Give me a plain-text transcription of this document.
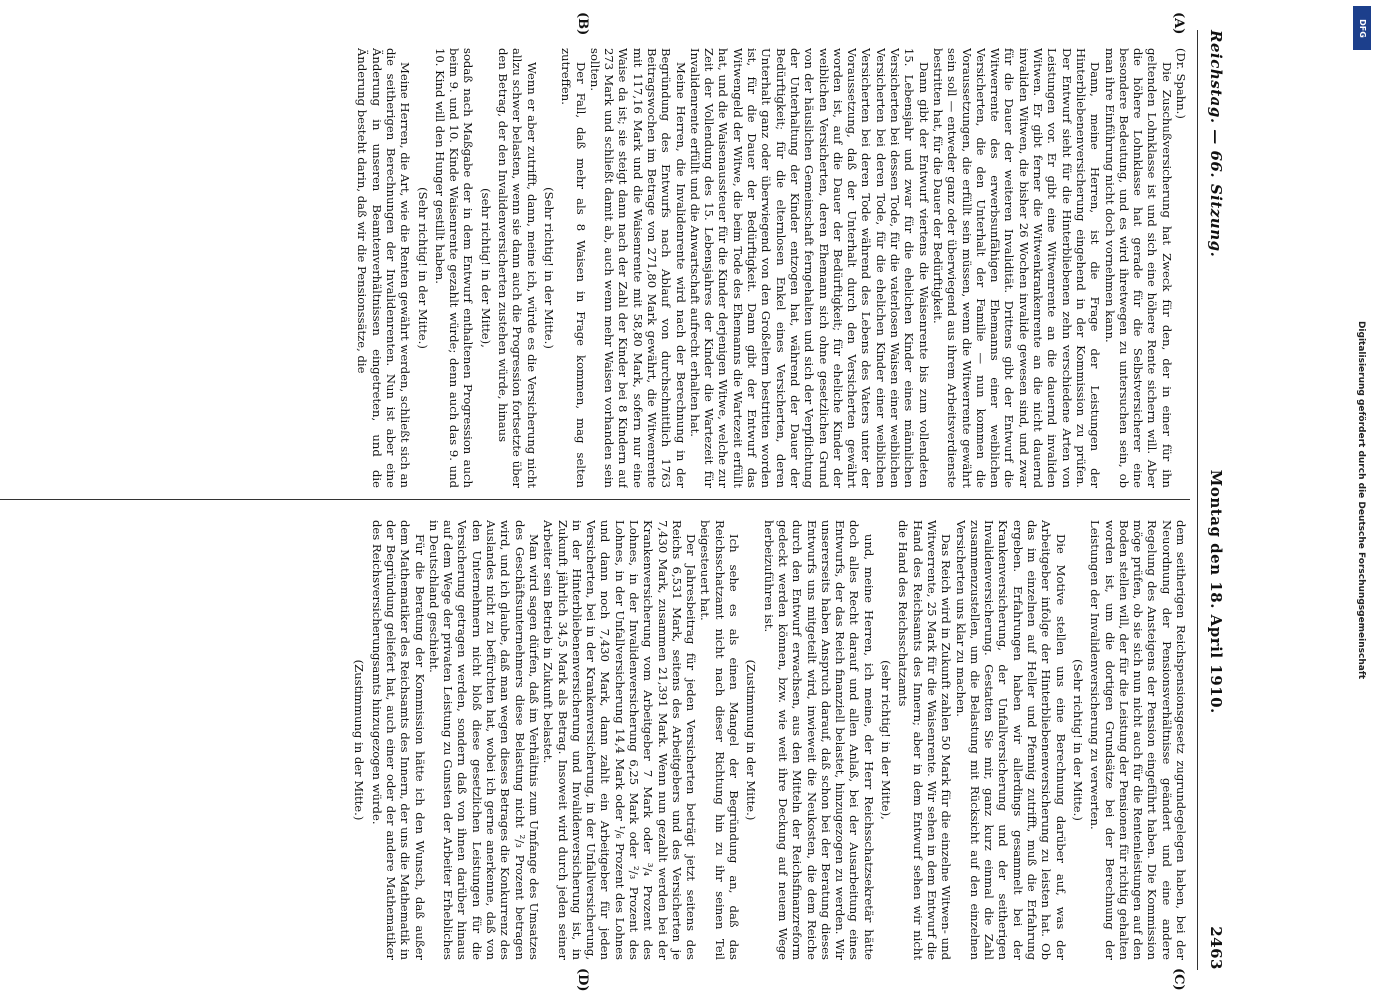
Reichstag. — 66. Sitzung.
Montag den 18. April 1910.
2463
(A)
(B)
(C)
(D)

(Dr. Spahn.)

Die Zuschußversicherung hat Zweck für den, der in einer für ihn geltenden Lohnklasse ist und sich eine höhere Rente sichern will. Aber die höhere Lohnklasse hat gerade für die Selbstversicherer eine besondere Bedeutung, und es wird ihretwegen zu untersuchen sein, ob man ihre Einführung nicht doch vornehmen kann.

Dann, meine Herren, ist die Frage der Leistungen der Hinterbliebenenversicherung eingehend in der Kommission zu prüfen. Der Entwurf sieht für die Hinterbliebenen zehn verschiedene Arten von Leistungen vor. Er gibt eine Witwenrente an die dauernd invaliden Witwen. Er gibt ferner die Witwenkrankenrente an die nicht dauernd invaliden Witwen, die bisher 26 Wochen invalide gewesen sind, und zwar für die Dauer der weiteren Invalidität. Drittens gibt der Entwurf die Witwerrente des erwerbsunfähigen Ehemanns einer weiblichen Versicherten, die den Unterhalt der Familie — nun kommen die Voraussetzungen, die erfüllt sein müssen, wenn die Witwerrente gewährt sein soll — entweder ganz oder überwiegend aus ihrem Arbeitsverdienste bestritten hat, für die Dauer der Bedürftigkeit.

Dann gibt der Entwurf viertens die Waisenrente bis zum vollendeten 15. Lebensjahr und zwar für die ehelichen Kinder eines männlichen Versicherten bei dessen Tode, für die vaterlosen Waisen einer weiblichen Versicherten bei deren Tode, für die ehelichen Kinder einer weiblichen Versicherten bei deren Tode während des Lebens des Vaters unter der Voraussetzung, daß der Unterhalt durch den Versicherten gewährt worden ist, auf die Dauer der Bedürftigkeit; für eheliche Kinder der weiblichen Versicherten, deren Ehemann sich ohne gesetzlichen Grund von der häuslichen Gemeinschaft ferngehalten und sich der Verpflichtung der Unterhaltung der Kinder entzogen hat, während der Dauer der Bedürftigkeit; für die elternlosen Enkel eines Versicherten, deren Unterhalt ganz oder überwiegend von den Großeltern bestritten worden ist, für die Dauer der Bedürftigkeit. Dann gibt der Entwurf das Witwengeld der Witwe, die beim Tode des Ehemanns die Wartezeit erfüllt hat, und die Waisenaussteuer für die Kinder derjenigen Witwe, welche zur Zeit der Vollendung des 15. Lebensjahres der Kinder die Wartezeit für Invalidenrente erfüllt und die Anwartschaft aufrecht erhalten hat.

Meine Herren, die Invalidenrente wird nach der Berechnung in der Begründung des Entwurfs nach Ablauf von durchschnittlich 1763 Beitragswochen im Betrage von 271,80 Mark gewährt, die Witwenrente mit 117,16 Mark und die Waisenrente mit 58,80 Mark, sofern nur eine Waise da ist; sie steigt dann nach der Zahl der Kinder bei 8 Kindern auf 273 Mark und schließt damit ab, auch wenn mehr Waisen vorhanden sein sollten.

Der Fall, daß mehr als 8 Waisen in Frage kommen, mag selten zutreffen.

(Sehr richtig! in der Mitte.)

Wenn er aber zutrifft, dann, meine ich, würde es die Versicherung nicht allzu schwer belasten, wenn sie dann auch die Progression fortsetzte über den Betrag, der den Invalidenversicherten zustehen würde, hinaus

(sehr richtig! in der Mitte),

sodaß nach Maßgabe der in dem Entwurf enthaltenen Progression auch beim 9. und 10. Kinde Waisenrente gezahlt würde; denn auch das 9. und 10. Kind will den Hunger gestillt haben.

(Sehr richtig! in der Mitte.)

Meine Herren, die Art, wie die Renten gewährt werden, schließt sich an die seitherigen Berechnungen der Invalidenrenten. Nun ist aber eine Änderung in unseren Beamtenverhältnissen eingetreten, und die Änderung besteht darin, daß wir die Pensionssätze, die

dem seitherigen Reichspensionsgesetz zugrundegelegen haben, bei der Neuordnung der Pensionsverhältnisse geändert und eine andere Regelung des Ansteigens der Pension eingeführt haben. Die Kommission möge prüfen, ob sie sich nun nicht auch für die Rentenleistungen auf den Boden stellen will, der für die Leistung der Pensionen für richtig gehalten worden ist, um die dortigen Grundsätze bei der Berechnung der Leistungen der Invalidenversicherung zu verwerten.

(Sehr richtig! in der Mitte.)

Die Motive stellen uns eine Berechnung darüber auf, was der Arbeitgeber infolge der Hinterbliebenenversicherung zu leisten hat. Ob das im einzelnen auf Heller und Pfennig zutrifft, muß die Erfahrung ergeben. Erfahrungen haben wir allerdings gesammelt bei der Krankenversicherung, der Unfallversicherung und der seitherigen Invalidenversicherung. Gestatten Sie mir, ganz kurz einmal die Zahl zusammenzustellen, um die Belastung mit Rücksicht auf den einzelnen Versicherten uns klar zu machen.

Das Reich wird in Zukunft zahlen 50 Mark für die einzelne Witwen- und Witwerrente, 25 Mark für die Waisenrente. Wir sehen in dem Entwurf die Hand des Reichsamts des Innern; aber in dem Entwurf sehen wir nicht die Hand des Reichsschatzamts

(sehr richtig! in der Mitte),

und, meine Herren, ich meine, der Herr Reichsschatzsekretär hätte doch alles Recht darauf und allen Anlaß, bei der Ausarbeitung eines Entwurfs, der das Reich finanziell belastet, hinzugezogen zu werden. Wir unsererseits haben Anspruch darauf, daß schon bei der Beratung dieses Entwurfs uns mitgeteilt wird, inwieweit die Neukosten, die dem Reiche durch den Entwurf erwachsen, aus den Mitteln der Reichsfinanzreform gedeckt werden können, bzw. wie weit ihre Deckung auf neuem Wege herbeizuführen ist.

(Zustimmung in der Mitte.)

Ich sehe es als einen Mangel der Begründung an, daß das Reichsschatzamt nicht nach dieser Richtung hin zu ihr seinen Teil beigesteuert hat.

Der Jahresbeitrag für jeden Versicherten beträgt jetzt seitens des Reichs 6,531 Mark, seitens des Arbeitgebers und des Versicherten je 7,430 Mark, zusammen 21,391 Mark. Wenn nun gezahlt werden bei der Krankenversicherung vom Arbeitgeber 7 Mark oder ³/₄ Prozent des Lohnes, in der Invalidenversicherung 6,25 Mark oder ²/₃ Prozent des Lohnes, in der Unfallversicherung 14,4 Mark oder ¹/₆ Prozent des Lohnes und dann noch 7,430 Mark, dann zahlt ein Arbeitgeber für jeden Versicherten, bei in der Krankenversicherung, in der Unfallversicherung, in der Hinterbliebenenversicherung und Invalidenversicherung ist, in Zukunft jährlich 34,5 Mark als Betrag. Insoweit wird durch jeden seiner Arbeiter sein Betrieb in Zukunft belastet.

Man wird sagen dürfen, daß im Verhältnis zum Umfange des Umsatzes des Geschäftsunternehmers diese Belastung nicht ²/₃ Prozent betragen wird, und ich glaube, daß man wegen dieses Betrages die Konkurrenz des Auslandes nicht zu befürchten hat, wobei ich gerne anerkenne, daß von den Unternehmern nicht bloß diese gesetzlichen Leistungen für die Versicherung getragen werden, sondern daß von ihnen darüber hinaus auf dem Wege der privaten Leistung zu Gunsten der Arbeiter Erhebliches in Deutschland geschieht.

Für die Beratung der Kommission hätte ich den Wunsch, daß außer dem Mathematiker des Reichsamts des Innern, der uns die Mathematik in der Begründung geliefert hat, auch einer oder der andere Mathematiker des Reichsversicherungsamts hinzugezogen würde.

(Zustimmung in der Mitte.)

DFG
Digitalisierung gefördert durch die Deutsche Forschungsgemeinschaft
